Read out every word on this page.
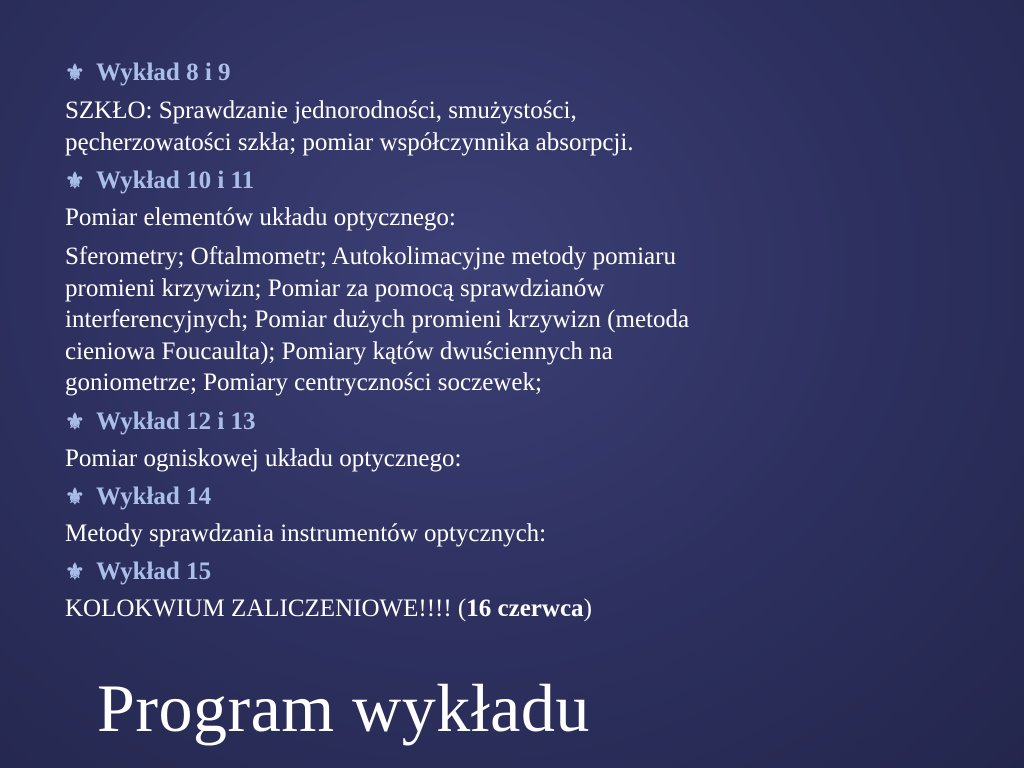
⚜ Wykład 8 i 9
SZKŁO: Sprawdzanie jednorodności, smużystości,
pęcherzowatości szkła; pomiar współczynnika absorpcji.
⚜ Wykład 10 i 11
Pomiar elementów układu optycznego:
Sferometry; Oftalmometr; Autokolimacyjne metody pomiaru
promieni krzywizn; Pomiar za pomocą sprawdzianów
interferencyjnych; Pomiar dużych promieni krzywizn (metoda
cieniowa Foucaulta); Pomiary kątów dwuściennych na
goniometrze; Pomiary centryczności soczewek;
⚜ Wykład 12 i 13
Pomiar ogniskowej układu optycznego:
⚜ Wykład 14
Metody sprawdzania instrumentów optycznych:
⚜ Wykład 15
KOLOKWIUM ZALICZENIOWE!!!! (16 czerwca)
Program wykładu
